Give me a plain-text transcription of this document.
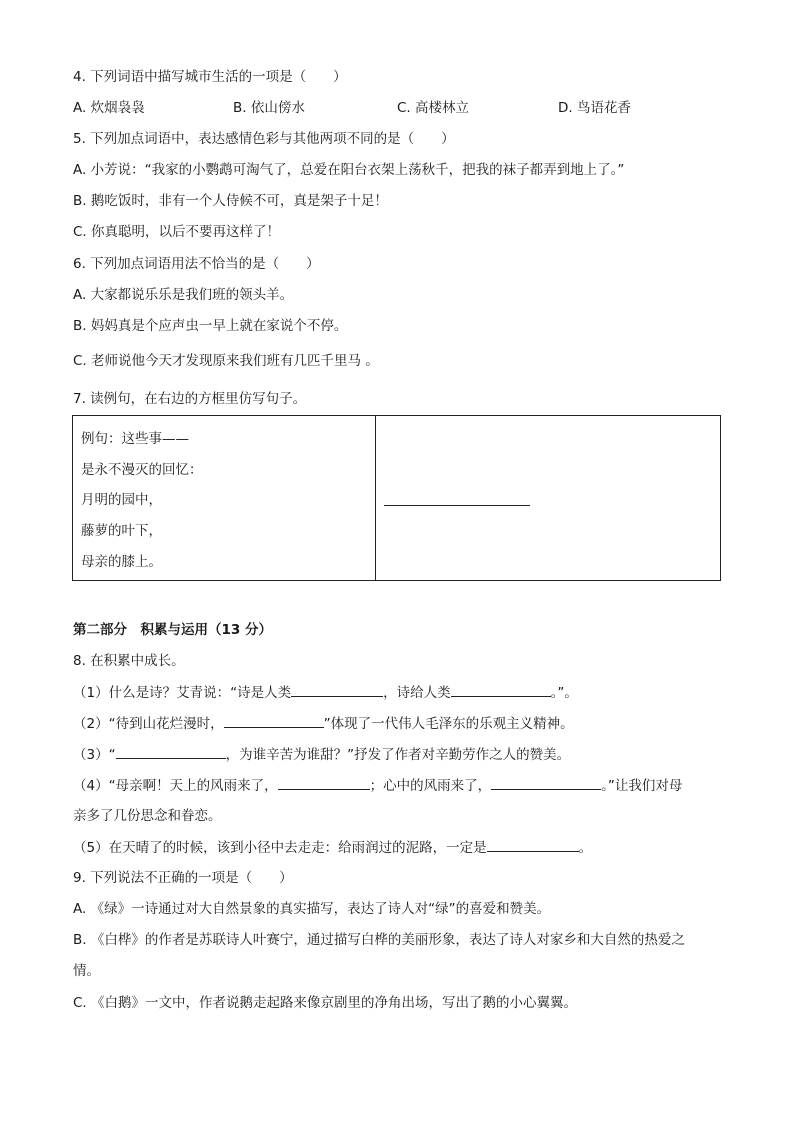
4. 下列词语中描写城市生活的一项是（　　）
A. 炊烟袅袅	B. 依山傍水	C. 高楼林立	D. 鸟语花香
5. 下列加点词语中，表达感情色彩与其他两项不同的是（　　）
A. 小芳说：“我家的小鹦鹉可淘气了，总爱在阳台衣架上荡秋千，把我的袜子都弄到地上了。”
B. 鹅吃饭时，非有一个人侍候不可，真是架子十足！
C. 你真聪明，以后不要再这样了！
6. 下列加点词语用法不恰当的是（　　）
A. 大家都说乐乐是我们班的领头羊。
B. 妈妈真是个应声虫一早上就在家说个不停。
C. 老师说他今天才发现原来我们班有几匹千里马 。
7. 读例句，在右边的方框里仿写句子。
例句：这些事——
是永不漫灭的回忆：
月明的园中，
藤萝的叶下，
母亲的膝上。
第二部分　积累与运用（13 分）
8. 在积累中成长。
（1）什么是诗？艾青说：“诗是人类	，诗给人类	。”。
（2）“待到山花烂漫时，	”体现了一代伟人毛泽东的乐观主义精神。
（3）“	，为谁辛苦为谁甜？”抒发了作者对辛勤劳作之人的赞美。
（4）“母亲啊！天上的风雨来了，	；心中的风雨来了，	。”让我们对母
亲多了几份思念和眷恋。
（5）在天晴了的时候，该到小径中去走走：给雨润过的泥路，一定是	。
9. 下列说法不正确的一项是（　　）
A. 《绿》一诗通过对大自然景象的真实描写，表达了诗人对“绿”的喜爱和赞美。
B. 《白桦》的作者是苏联诗人叶赛宁，通过描写白桦的美丽形象，表达了诗人对家乡和大自然的热爱之
情。
C. 《白鹅》一文中，作者说鹅走起路来像京剧里的净角出场，写出了鹅的小心翼翼。
